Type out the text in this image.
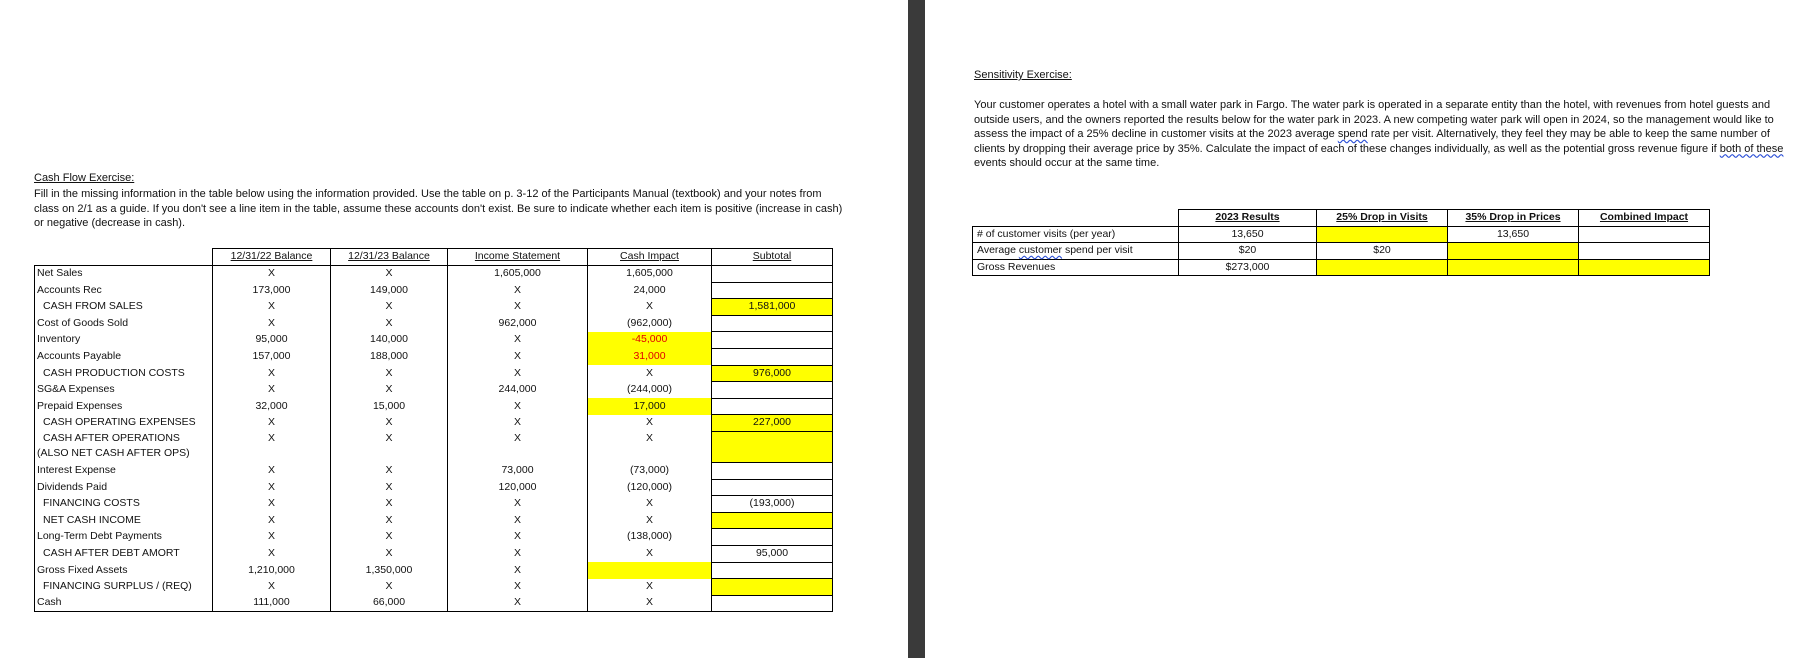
Cash Flow Exercise:
Fill in the missing information in the table below using the information provided. Use the table on p. 3-12 of the Participants Manual (textbook) and your notes from class on 2/1 as a guide. If you don't see a line item in the table, assume these accounts don't exist. Be sure to indicate whether each item is positive (increase in cash) or negative (decrease in cash).
	12/31/22 Balance	12/31/23 Balance	Income Statement	Cash Impact	Subtotal
Net Sales	X	X	1,605,000	1,605,000	
Accounts Rec	173,000	149,000	X	24,000	
CASH FROM SALES	X	X	X	X	1,581,000
Cost of Goods Sold	X	X	962,000	(962,000)	
Inventory	95,000	140,000	X	-45,000	
Accounts Payable	157,000	188,000	X	31,000	
CASH PRODUCTION COSTS	X	X	X	X	976,000
SG&A Expenses	X	X	244,000	(244,000)	
Prepaid Expenses	32,000	15,000	X	17,000	
CASH OPERATING EXPENSES	X	X	X	X	227,000

CASH AFTER OPERATIONS
(ALSO NET CASH AFTER OPS)	X	X	X	X	
Interest Expense	X	X	73,000	(73,000)	
Dividends Paid	X	X	120,000	(120,000)	
FINANCING COSTS	X	X	X	X	(193,000)
NET CASH INCOME	X	X	X	X	
Long-Term Debt Payments	X	X	X	(138,000)	
CASH AFTER DEBT AMORT	X	X	X	X	95,000
Gross Fixed Assets	1,210,000	1,350,000	X		
FINANCING SURPLUS / (REQ)	X	X	X	X	
Cash	111,000	66,000	X	X	
Sensitivity Exercise:
Your customer operates a hotel with a small water park in Fargo. The water park is operated in a separate entity than the hotel, with revenues from hotel guests and outside users, and the owners reported the results below for the water park in 2023. A new competing water park will open in 2024, so the management would like to assess the impact of a 25% decline in customer visits at the 2023 average spend rate per visit. Alternatively, they feel they may be able to keep the same number of clients by dropping their average price by 35%. Calculate the impact of each of these changes individually, as well as the potential gross revenue figure if both of these events should occur at the same time.
	2023 Results	25% Drop in Visits	35% Drop in Prices	Combined Impact
# of customer visits (per year)	13,650		13,650	
Average customer spend per visit	$20	$20		
Gross Revenues	$273,000			
